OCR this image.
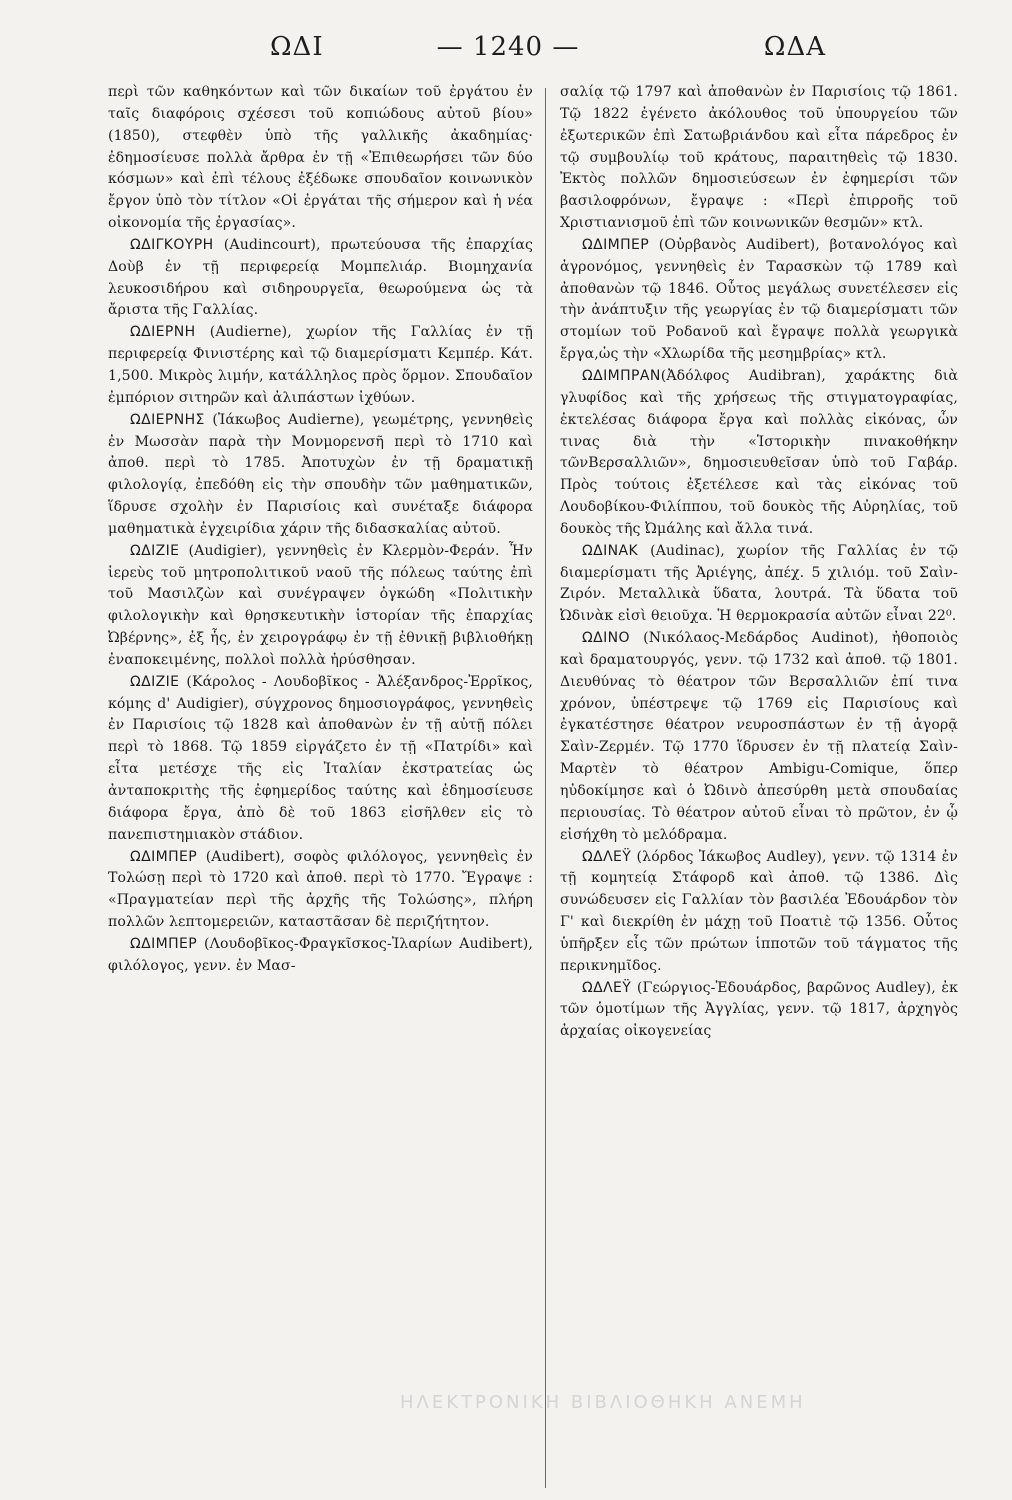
ΩΔΙ	— 1240 —	ΩΔΑ

περὶ τῶν καθηκόντων καὶ τῶν δικαίων τοῦ ἐργάτου ἐν ταῖς διαφόροις σχέσεσι τοῦ κοπιώδους αὐτοῦ βίου» (1850), στεφθὲν ὑπὸ τῆς γαλλικῆς ἀκαδημίας· ἐδημοσίευσε πολλὰ ἄρθρα ἐν τῇ «Ἐπιθεωρήσει τῶν δύο κόσμων» καὶ ἐπὶ τέλους ἐξέδωκε σπουδαῖον κοινωνικὸν ἔργον ὑπὸ τὸν τίτλον «Οἱ ἐργάται τῆς σήμερον καὶ ἡ νέα οἰκονομία τῆς ἐργασίας».

ΩΔΙΓΚΟΥΡΗ (Audincourt), πρωτεύουσα τῆς ἐπαρχίας Δοὺβ ἐν τῇ περιφερείᾳ Μομπελιάρ. Βιομηχανία λευκοσιδήρου καὶ σιδηρουργεῖα, θεωρούμενα ὡς τὰ ἄριστα τῆς Γαλλίας.

ΩΔΙΕΡΝΗ (Audierne), χωρίον τῆς Γαλλίας ἐν τῇ περιφερείᾳ Φινιστέρης καὶ τῷ διαμερίσματι Κεμπέρ. Κάτ. 1,500. Μικρὸς λιμήν, κατάλληλος πρὸς ὅρμον. Σπουδαῖον ἐμπόριον σιτηρῶν καὶ ἀλιπάστων ἰχθύων.

ΩΔΙΕΡΝΗΣ (Ἰάκωβος Audierne), γεωμέτρης, γεννηθεὶς ἐν Μωσσὰν παρὰ τὴν Μονμορενσῆ περὶ τὸ 1710 καὶ ἀποθ. περὶ τὸ 1785. Ἀποτυχὼν ἐν τῇ δραματικῇ φιλολογίᾳ, ἐπεδόθη εἰς τὴν σπουδὴν τῶν μαθηματικῶν, ἵδρυσε σχολὴν ἐν Παρισίοις καὶ συνέταξε διάφορα μαθηματικὰ ἐγχειρίδια χάριν τῆς διδασκαλίας αὐτοῦ.

ΩΔΙΖΙΕ (Audigier), γεννηθεὶς ἐν Κλερμὸν-Φεράν. Ἦν ἱερεὺς τοῦ μητροπολιτικοῦ ναοῦ τῆς πόλεως ταύτης ἐπὶ τοῦ Μασιλζὼν καὶ συνέγραψεν ὀγκώδη «Πολιτικὴν φιλολογικὴν καὶ θρησκευτικὴν ἱστορίαν τῆς ἐπαρχίας Ὠβέρνης», ἐξ ἧς, ἐν χειρογράφῳ ἐν τῇ ἐθνικῇ βιβλιοθήκῃ ἐναποκειμένης, πολλοὶ πολλὰ ἠρύσθησαν.

ΩΔΙΖΙΕ (Κάρολος - Λουδοβῖκος - Ἀλέξανδρος-Ἐρρῖκος, κόμης d' Audigier), σύγχρονος δημοσιογράφος, γεννηθεὶς ἐν Παρισίοις τῷ 1828 καὶ ἀποθανὼν ἐν τῇ αὐτῇ πόλει περὶ τὸ 1868. Τῷ 1859 εἰργάζετο ἐν τῇ «Πατρίδι» καὶ εἶτα μετέσχε τῆς εἰς Ἰταλίαν ἐκστρατείας ὡς ἀνταποκριτὴς τῆς ἐφημερίδος ταύτης καὶ ἐδημοσίευσε διάφορα ἔργα, ἀπὸ δὲ τοῦ 1863 εἰσῆλθεν εἰς τὸ πανεπιστημιακὸν στάδιον.

ΩΔΙΜΠΕΡ (Audibert), σοφὸς φιλόλογος, γεννηθεὶς ἐν Τολώσῃ περὶ τὸ 1720 καὶ ἀποθ. περὶ τὸ 1770. Ἔγραψε : «Πραγματείαν περὶ τῆς ἀρχῆς τῆς Τολώσης», πλήρη πολλῶν λεπτομερειῶν, καταστᾶσαν δὲ περιζήτητον.

ΩΔΙΜΠΕΡ (Λουδοβῖκος-Φραγκῖσκος-Ἰλαρίων Audibert), φιλόλογος, γενν. ἐν Μασ-

σαλίᾳ τῷ 1797 καὶ ἀποθανὼν ἐν Παρισίοις τῷ 1861. Τῷ 1822 ἐγένετο ἀκόλουθος τοῦ ὑπουργείου τῶν ἐξωτερικῶν ἐπὶ Σατωβριάνδου καὶ εἶτα πάρεδρος ἐν τῷ συμβουλίῳ τοῦ κράτους, παραιτηθεὶς τῷ 1830. Ἐκτὸς πολλῶν δημοσιεύσεων ἐν ἐφημερίσι τῶν βασιλοφρόνων, ἔγραψε : «Περὶ ἐπιρροῆς τοῦ Χριστιανισμοῦ ἐπὶ τῶν κοινωνικῶν θεσμῶν» κτλ.

ΩΔΙΜΠΕΡ (Οὐρβανὸς Audibert), βοτανολόγος καὶ ἀγρονόμος, γεννηθεὶς ἐν Ταρασκὼν τῷ 1789 καὶ ἀποθανὼν τῷ 1846. Οὗτος μεγάλως συνετέλεσεν εἰς τὴν ἀνάπτυξιν τῆς γεωργίας ἐν τῷ διαμερίσματι τῶν στομίων τοῦ Ροδανοῦ καὶ ἔγραψε πολλὰ γεωργικὰ ἔργα,ὡς τὴν «Χλωρίδα τῆς μεσημβρίας» κτλ.

ΩΔΙΜΠΡΑΝ(Ἀδόλφος Audibran), χαράκτης διὰ γλυφίδος καὶ τῆς χρήσεως τῆς στιγματογραφίας, ἐκτελέσας διάφορα ἔργα καὶ πολλὰς εἰκόνας, ὧν τινας διὰ τὴν «Ἱστορικὴν πινακοθήκην τῶνΒερσαλλιῶν», δημοσιευθεῖσαν ὑπὸ τοῦ Γαβάρ. Πρὸς τούτοις ἐξετέλεσε καὶ τὰς εἰκόνας τοῦ Λουδοβίκου-Φιλίππου, τοῦ δουκὸς τῆς Αὐρηλίας, τοῦ δουκὸς τῆς Ὠμάλης καὶ ἄλλα τινά.

ΩΔΙΝΑΚ (Audinac), χωρίον τῆς Γαλλίας ἐν τῷ διαμερίσματι τῆς Ἀριέγης, ἀπέχ. 5 χιλιόμ. τοῦ Σαὶν-Ζιρόν. Μεταλλικὰ ὕδατα, λουτρά. Τὰ ὕδατα τοῦ Ὠδινὰκ εἰσὶ θειοῦχα. Ἡ θερμοκρασία αὐτῶν εἶναι 22⁰.

ΩΔΙΝΟ (Νικόλαος-Μεδάρδος Audinot), ἠθοποιὸς καὶ δραματουργός, γενν. τῷ 1732 καὶ ἀποθ. τῷ 1801. Διευθύνας τὸ θέατρον τῶν Βερσαλλιῶν ἐπί τινα χρόνον, ὑπέστρεψε τῷ 1769 εἰς Παρισίους καὶ ἐγκατέστησε θέατρον νευροσπάστων ἐν τῇ ἀγορᾷ Σαὶν-Ζερμέν. Τῷ 1770 ἵδρυσεν ἐν τῇ πλατείᾳ Σαὶν-Μαρτὲν τὸ θέατρον Ambigu-Comique, ὅπερ ηὐδοκίμησε καὶ ὁ Ὠδινὸ ἀπεσύρθη μετὰ σπουδαίας περιουσίας. Τὸ θέατρον αὐτοῦ εἶναι τὸ πρῶτον, ἐν ᾧ εἰσήχθη τὸ μελόδραμα.

ΩΔΛΕΫ (λόρδος Ἰάκωβος Audley), γενν. τῷ 1314 ἐν τῇ κομητείᾳ Στάφορδ καὶ ἀποθ. τῷ 1386. Δὶς συνώδευσεν εἰς Γαλλίαν τὸν βασιλέα Ἐδουάρδον τὸν Γ' καὶ διεκρίθη ἐν μάχῃ τοῦ Ποατιὲ τῷ 1356. Οὗτος ὑπῆρξεν εἷς τῶν πρώτων ἱπποτῶν τοῦ τάγματος τῆς περικνημῖδος.

ΩΔΛΕΫ (Γεώργιος-Ἐδουάρδος, βαρῶνος Audley), ἐκ τῶν ὁμοτίμων τῆς Ἀγγλίας, γενν. τῷ 1817, ἀρχηγὸς ἀρχαίας οἰκογενείας

ΗΛΕΚΤΡΟΝΙΚΗ ΒΙΒΛΙΟΘΗΚΗ ΑΝΕΜΗ
